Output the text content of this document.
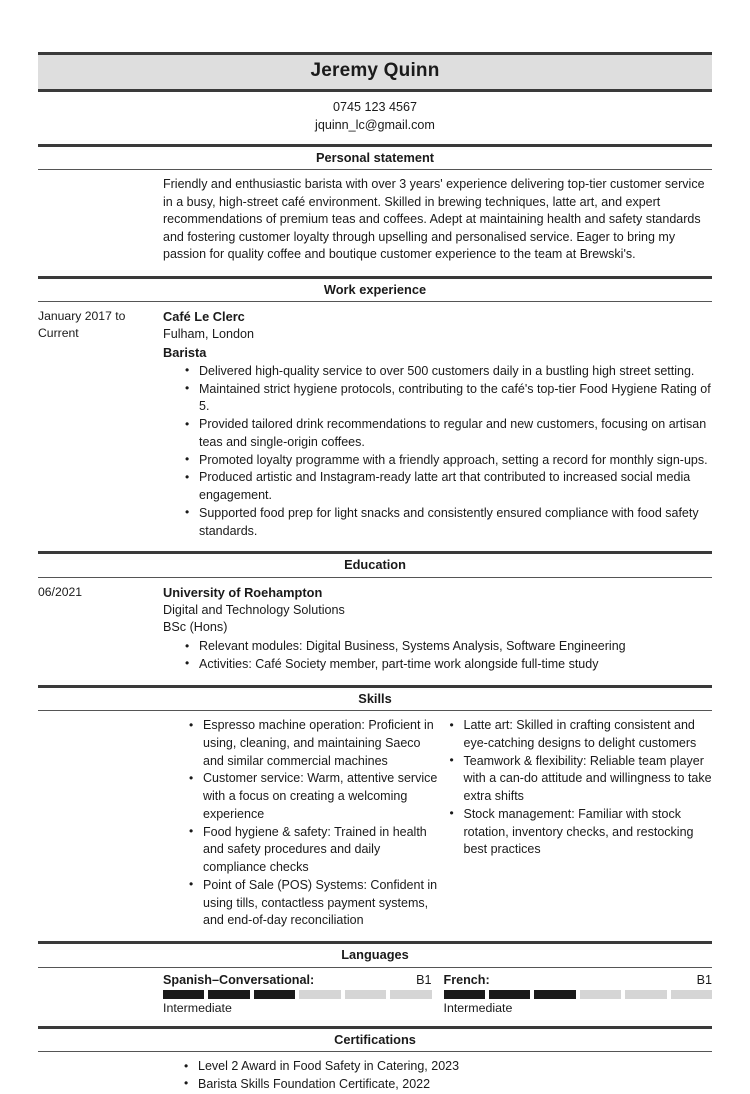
Jeremy Quinn
0745 123 4567
jquinn_lc@gmail.com
Personal statement
Friendly and enthusiastic barista with over 3 years' experience delivering top-tier customer service in a busy, high-street café environment. Skilled in brewing techniques, latte art, and expert recommendations of premium teas and coffees. Adept at maintaining health and safety standards and fostering customer loyalty through upselling and personalised service. Eager to bring my passion for quality coffee and boutique customer experience to the team at Brewski's.
Work experience
January 2017 to Current
Café Le Clerc
Fulham, London
Barista
• Delivered high-quality service to over 500 customers daily in a bustling high street setting.
• Maintained strict hygiene protocols, contributing to the café's top-tier Food Hygiene Rating of 5.
• Provided tailored drink recommendations to regular and new customers, focusing on artisan teas and single-origin coffees.
• Promoted loyalty programme with a friendly approach, setting a record for monthly sign-ups.
• Produced artistic and Instagram-ready latte art that contributed to increased social media engagement.
• Supported food prep for light snacks and consistently ensured compliance with food safety standards.
Education
06/2021	University of Roehampton
Digital and Technology Solutions
BSc (Hons)
• Relevant modules: Digital Business, Systems Analysis, Software Engineering
• Activities: Café Society member, part-time work alongside full-time study
Skills
• Espresso machine operation: Proficient in using, cleaning, and maintaining Saeco and similar commercial machines
• Customer service: Warm, attentive service with a focus on creating a welcoming experience
• Food hygiene & safety: Trained in health and safety procedures and daily compliance checks
• Point of Sale (POS) Systems: Confident in using tills, contactless payment systems, and end-of-day reconciliation
• Latte art: Skilled in crafting consistent and eye-catching designs to delight customers
• Teamwork & flexibility: Reliable team player with a can-do attitude and willingness to take extra shifts
• Stock management: Familiar with stock rotation, inventory checks, and restocking best practices
Languages
Spanish–Conversational:	B1
Intermediate
French:	B1
Intermediate
Certifications
• Level 2 Award in Food Safety in Catering, 2023
• Barista Skills Foundation Certificate, 2022
